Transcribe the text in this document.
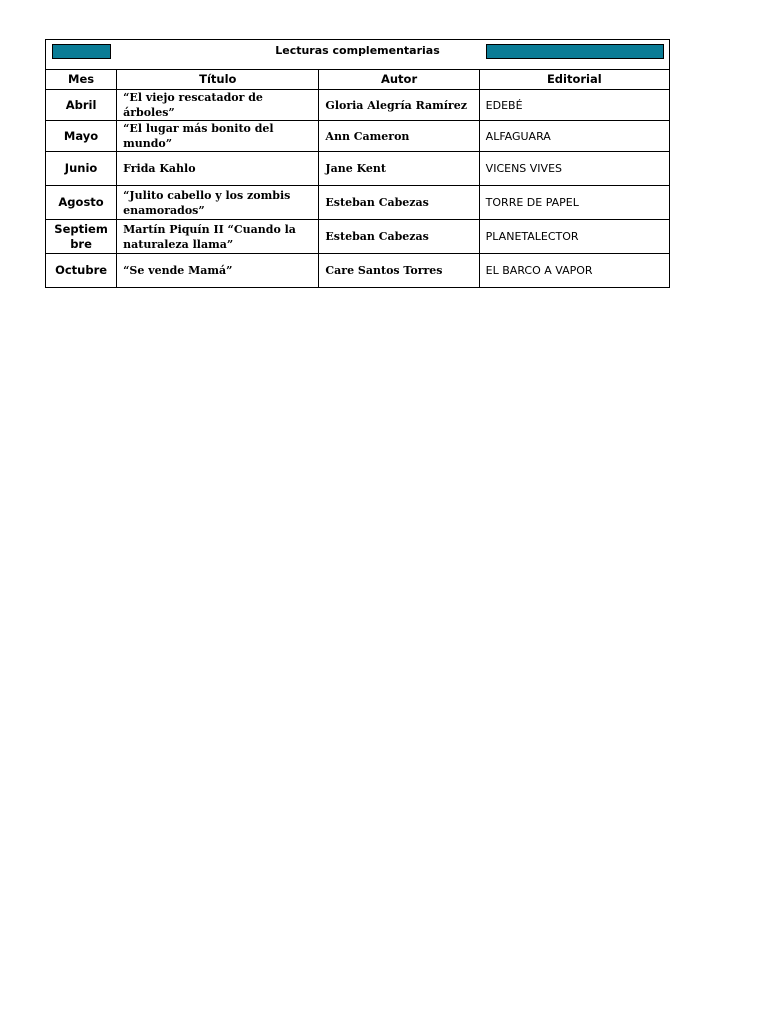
Lecturas complementarias			

Mes	Título	Autor	Editorial
Abril	“El viejo rescatador de árboles”	Gloria Alegría Ramírez	EDEBÉ
Mayo	“El lugar más bonito del mundo”	Ann Cameron	ALFAGUARA
Junio	Frida Kahlo	Jane Kent	VICENS VIVES
Agosto	“Julito cabello y los zombis enamorados”	Esteban Cabezas	TORRE DE PAPEL
Septiembre	Martín Piquín II “Cuando la naturaleza llama”	Esteban Cabezas	PLANETALECTOR
Octubre	“Se vende Mamá”	Care Santos Torres	EL BARCO A VAPOR
